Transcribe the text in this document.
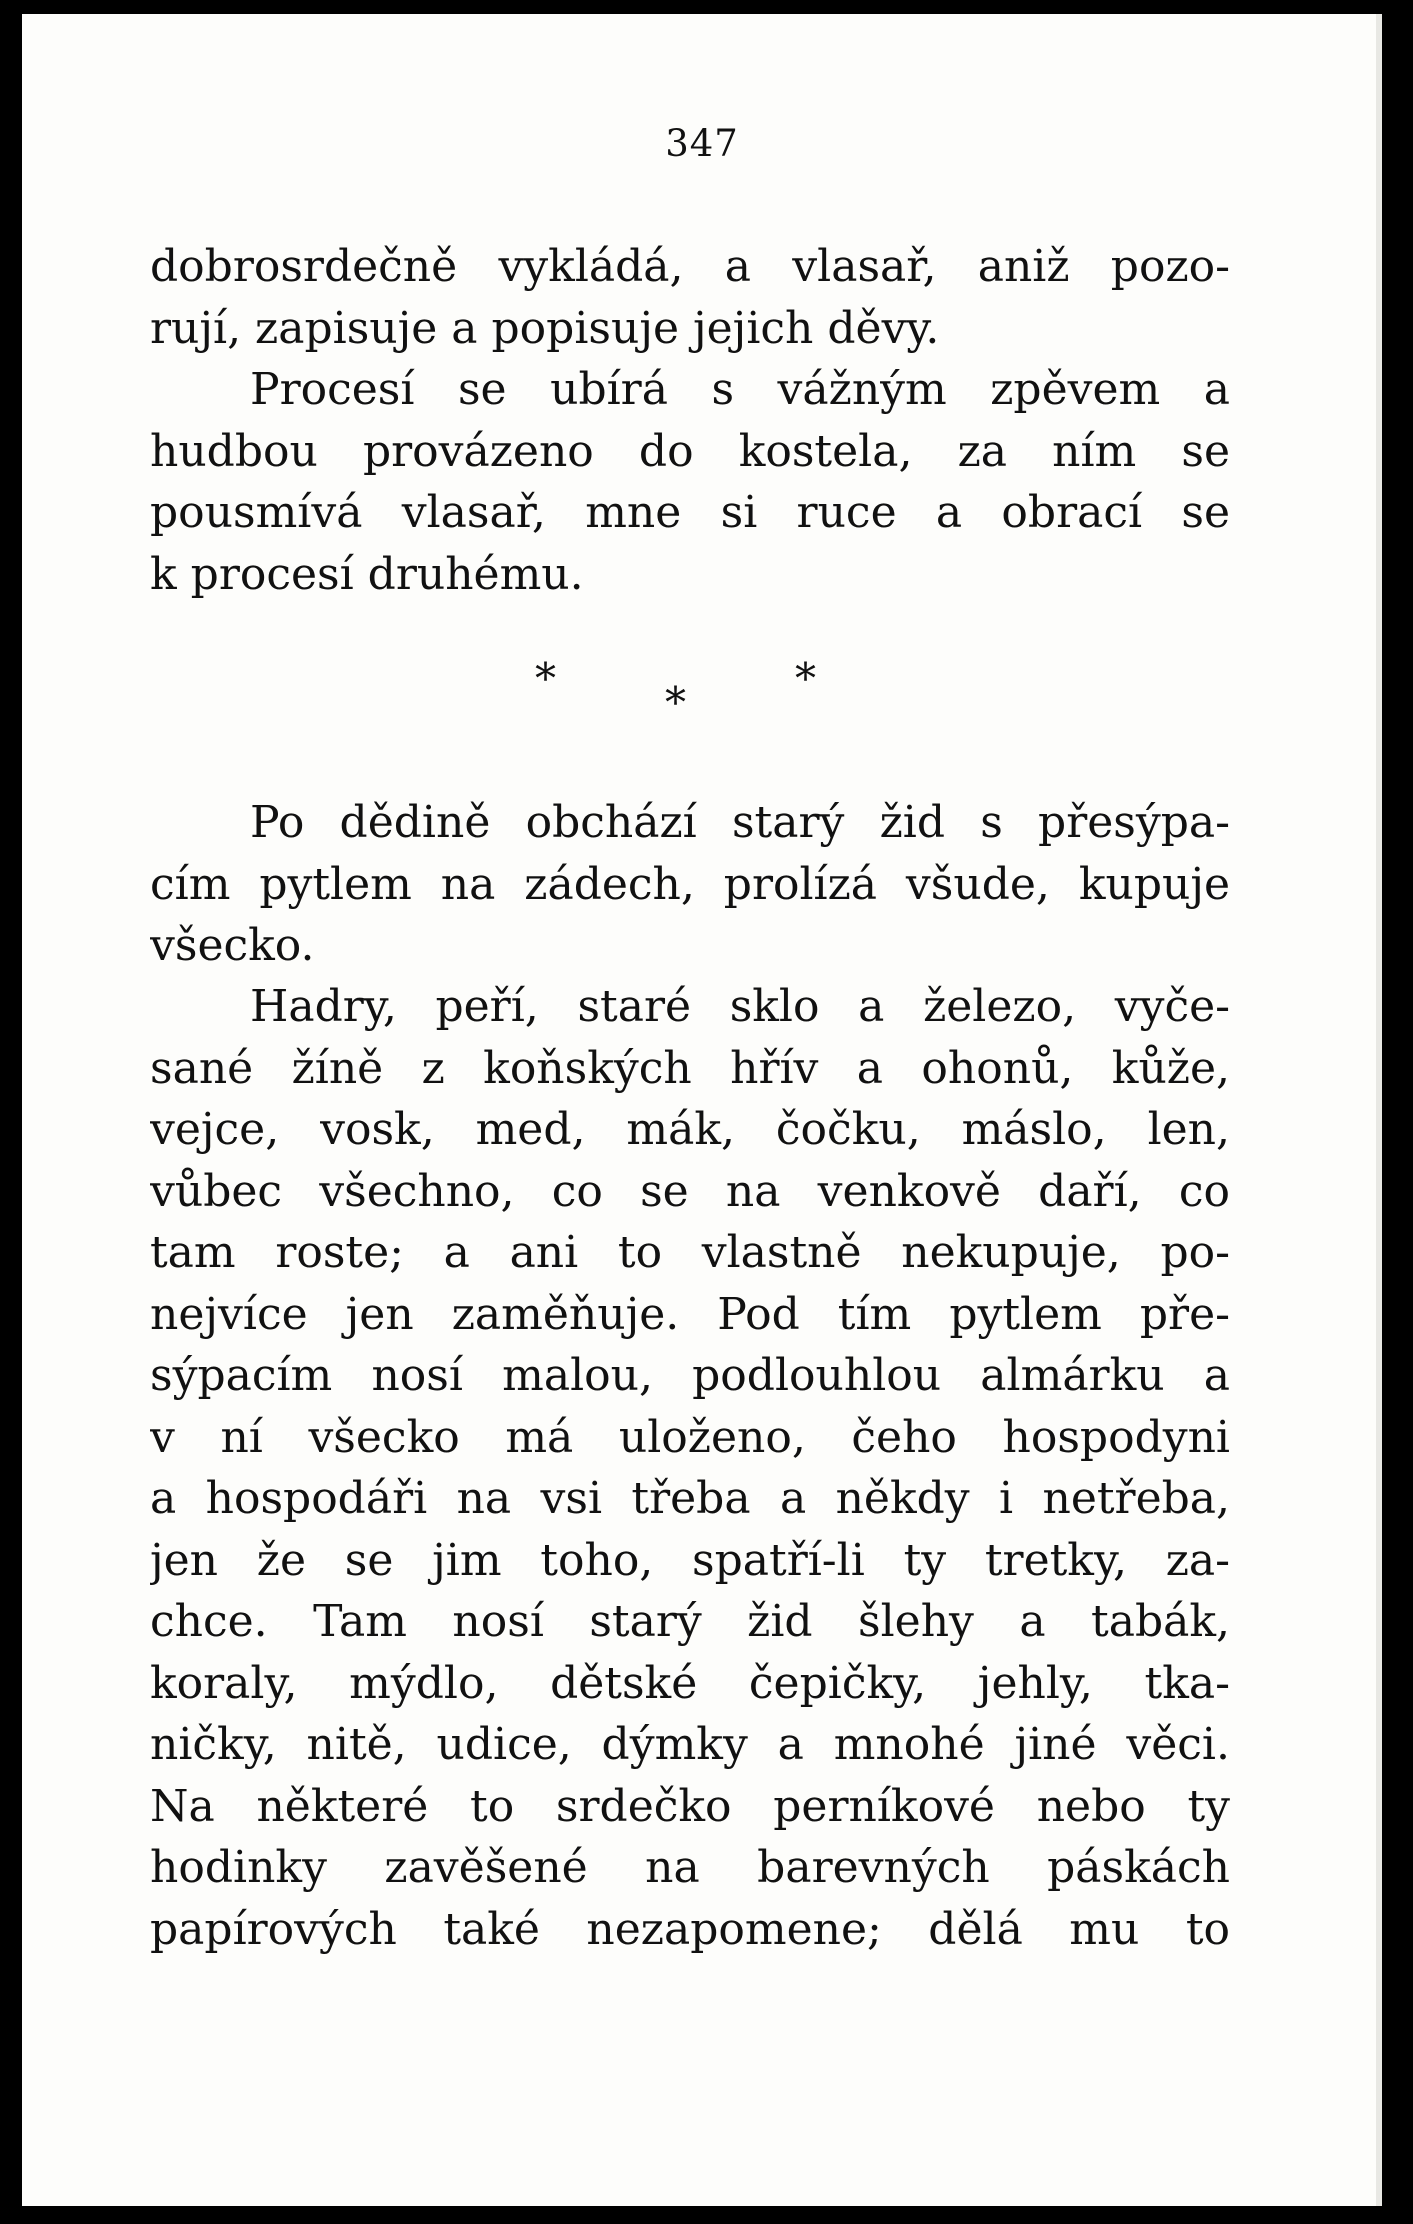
347
dobrosrdečně vykládá, a vlasař, aniž pozo-
rují, zapisuje a popisuje jejich děvy.
Procesí se ubírá s vážným zpěvem a
hudbou provázeno do kostela, za ním se
pousmívá vlasař, mne si ruce a obrací se
k procesí druhému.
*	*	*
Po dědině obchází starý žid s přesýpa-
cím pytlem na zádech, prolízá všude, kupuje
všecko.
Hadry, peří, staré sklo a železo, vyče-
sané žíně z koňských hřív a ohonů, kůže,
vejce, vosk, med, mák, čočku, máslo, len,
vůbec všechno, co se na venkově daří, co
tam roste; a ani to vlastně nekupuje, po-
nejvíce jen zaměňuje. Pod tím pytlem pře-
sýpacím nosí malou, podlouhlou almárku a
v ní všecko má uloženo, čeho hospodyni
a hospodáři na vsi třeba a někdy i netřeba,
jen že se jim toho, spatří-li ty tretky, za-
chce. Tam nosí starý žid šlehy a tabák,
koraly, mýdlo, dětské čepičky, jehly, tka-
ničky, nitě, udice, dýmky a mnohé jiné věci.
Na některé to srdečko perníkové nebo ty
hodinky zavěšené na barevných páskách
papírových také nezapomene; dělá mu to
